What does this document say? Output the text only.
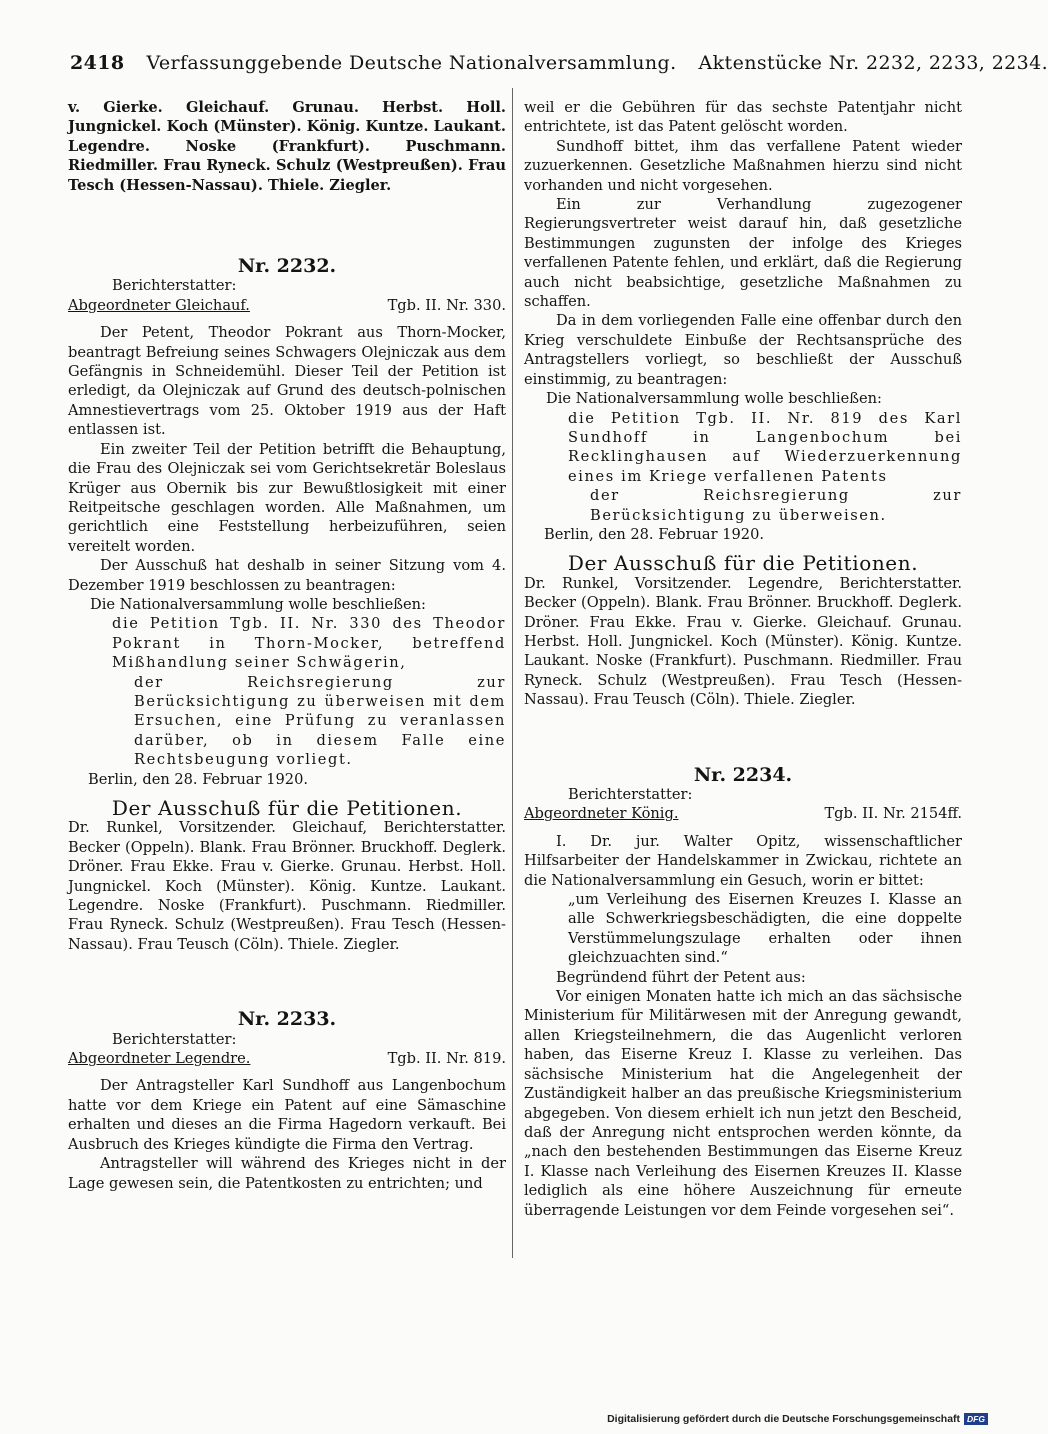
2418 Verfassunggebende Deutsche Nationalversammlung. Aktenstücke Nr. 2232, 2233, 2234.

v. Gierke. Gleichauf. Grunau. Herbst. Holl. Jungnickel. Koch (Münster). König. Kuntze. Laukant. Legendre. Noske (Frankfurt). Puschmann. Riedmiller. Frau Ryneck. Schulz (Westpreußen). Frau Tesch (Hessen-Nassau). Thiele. Ziegler.

Nr. 2232.

Berichterstatter:

Abgeordneter Gleichauf.	Tgb. II. Nr. 330.

Der Petent, Theodor Pokrant aus Thorn-Mocker, beantragt Befreiung seines Schwagers Olejniczak aus dem Gefängnis in Schneidemühl. Dieser Teil der Petition ist erledigt, da Olejniczak auf Grund des deutsch-polnischen Amnestievertrags vom 25. Oktober 1919 aus der Haft entlassen ist.

Ein zweiter Teil der Petition betrifft die Behauptung, die Frau des Olejniczak sei vom Gerichtsekretär Boleslaus Krüger aus Obernik bis zur Bewußtlosigkeit mit einer Reitpeitsche geschlagen worden. Alle Maßnahmen, um gerichtlich eine Feststellung herbeizuführen, seien vereitelt worden.

Der Ausschuß hat deshalb in seiner Sitzung vom 4. Dezember 1919 beschlossen zu beantragen:

Die Nationalversammlung wolle beschließen:

die Petition Tgb. II. Nr. 330 des Theodor Pokrant in Thorn-Mocker, betreffend Mißhandlung seiner Schwägerin,

der Reichsregierung zur Berücksichtigung zu überweisen mit dem Ersuchen, eine Prüfung zu veranlassen darüber, ob in diesem Falle eine Rechtsbeugung vorliegt.

Berlin, den 28. Februar 1920.

Der Ausschuß für die Petitionen.

Dr. Runkel, Vorsitzender. Gleichauf, Berichterstatter. Becker (Oppeln). Blank. Frau Brönner. Bruckhoff. Deglerk. Dröner. Frau Ekke. Frau v. Gierke. Grunau. Herbst. Holl. Jungnickel. Koch (Münster). König. Kuntze. Laukant. Legendre. Noske (Frankfurt). Puschmann. Riedmiller. Frau Ryneck. Schulz (Westpreußen). Frau Tesch (Hessen-Nassau). Frau Teusch (Cöln). Thiele. Ziegler.

Nr. 2233.

Berichterstatter:

Abgeordneter Legendre.	Tgb. II. Nr. 819.

Der Antragsteller Karl Sundhoff aus Langenbochum hatte vor dem Kriege ein Patent auf eine Sämaschine erhalten und dieses an die Firma Hagedorn verkauft. Bei Ausbruch des Krieges kündigte die Firma den Vertrag.

Antragsteller will während des Krieges nicht in der Lage gewesen sein, die Patentkosten zu entrichten; und

weil er die Gebühren für das sechste Patentjahr nicht entrichtete, ist das Patent gelöscht worden.

Sundhoff bittet, ihm das verfallene Patent wieder zuzuerkennen. Gesetzliche Maßnahmen hierzu sind nicht vorhanden und nicht vorgesehen.

Ein zur Verhandlung zugezogener Regierungsvertreter weist darauf hin, daß gesetzliche Bestimmungen zugunsten der infolge des Krieges verfallenen Patente fehlen, und erklärt, daß die Regierung auch nicht beabsichtige, gesetzliche Maßnahmen zu schaffen.

Da in dem vorliegenden Falle eine offenbar durch den Krieg verschuldete Einbuße der Rechtsansprüche des Antragstellers vorliegt, so beschließt der Ausschuß einstimmig, zu beantragen:

Die Nationalversammlung wolle beschließen:

die Petition Tgb. II. Nr. 819 des Karl Sundhoff in Langenbochum bei Recklinghausen auf Wiederzuerkennung eines im Kriege verfallenen Patents

der Reichsregierung zur Berücksichtigung zu überweisen.

Berlin, den 28. Februar 1920.

Der Ausschuß für die Petitionen.

Dr. Runkel, Vorsitzender. Legendre, Berichterstatter. Becker (Oppeln). Blank. Frau Brönner. Bruckhoff. Deglerk. Dröner. Frau Ekke. Frau v. Gierke. Gleichauf. Grunau. Herbst. Holl. Jungnickel. Koch (Münster). König. Kuntze. Laukant. Noske (Frankfurt). Puschmann. Riedmiller. Frau Ryneck. Schulz (Westpreußen). Frau Tesch (Hessen-Nassau). Frau Teusch (Cöln). Thiele. Ziegler.

Nr. 2234.

Berichterstatter:

Abgeordneter König.	Tgb. II. Nr. 2154ff.

I. Dr. jur. Walter Opitz, wissenschaftlicher Hilfsarbeiter der Handelskammer in Zwickau, richtete an die Nationalversammlung ein Gesuch, worin er bittet:

„um Verleihung des Eisernen Kreuzes I. Klasse an alle Schwerkriegsbeschädigten, die eine doppelte Verstümmelungszulage erhalten oder ihnen gleichzuachten sind.“

Begründend führt der Petent aus:

Vor einigen Monaten hatte ich mich an das sächsische Ministerium für Militärwesen mit der Anregung gewandt, allen Kriegsteilnehmern, die das Augenlicht verloren haben, das Eiserne Kreuz I. Klasse zu verleihen. Das sächsische Ministerium hat die Angelegenheit der Zuständigkeit halber an das preußische Kriegsministerium abgegeben. Von diesem erhielt ich nun jetzt den Bescheid, daß der Anregung nicht entsprochen werden könnte, da „nach den bestehenden Bestimmungen das Eiserne Kreuz I. Klasse nach Verleihung des Eisernen Kreuzes II. Klasse lediglich als eine höhere Auszeichnung für erneute überragende Leistungen vor dem Feinde vorgesehen sei“.

Digitalisierung gefördert durch die Deutsche Forschungsgemeinschaft DFG
